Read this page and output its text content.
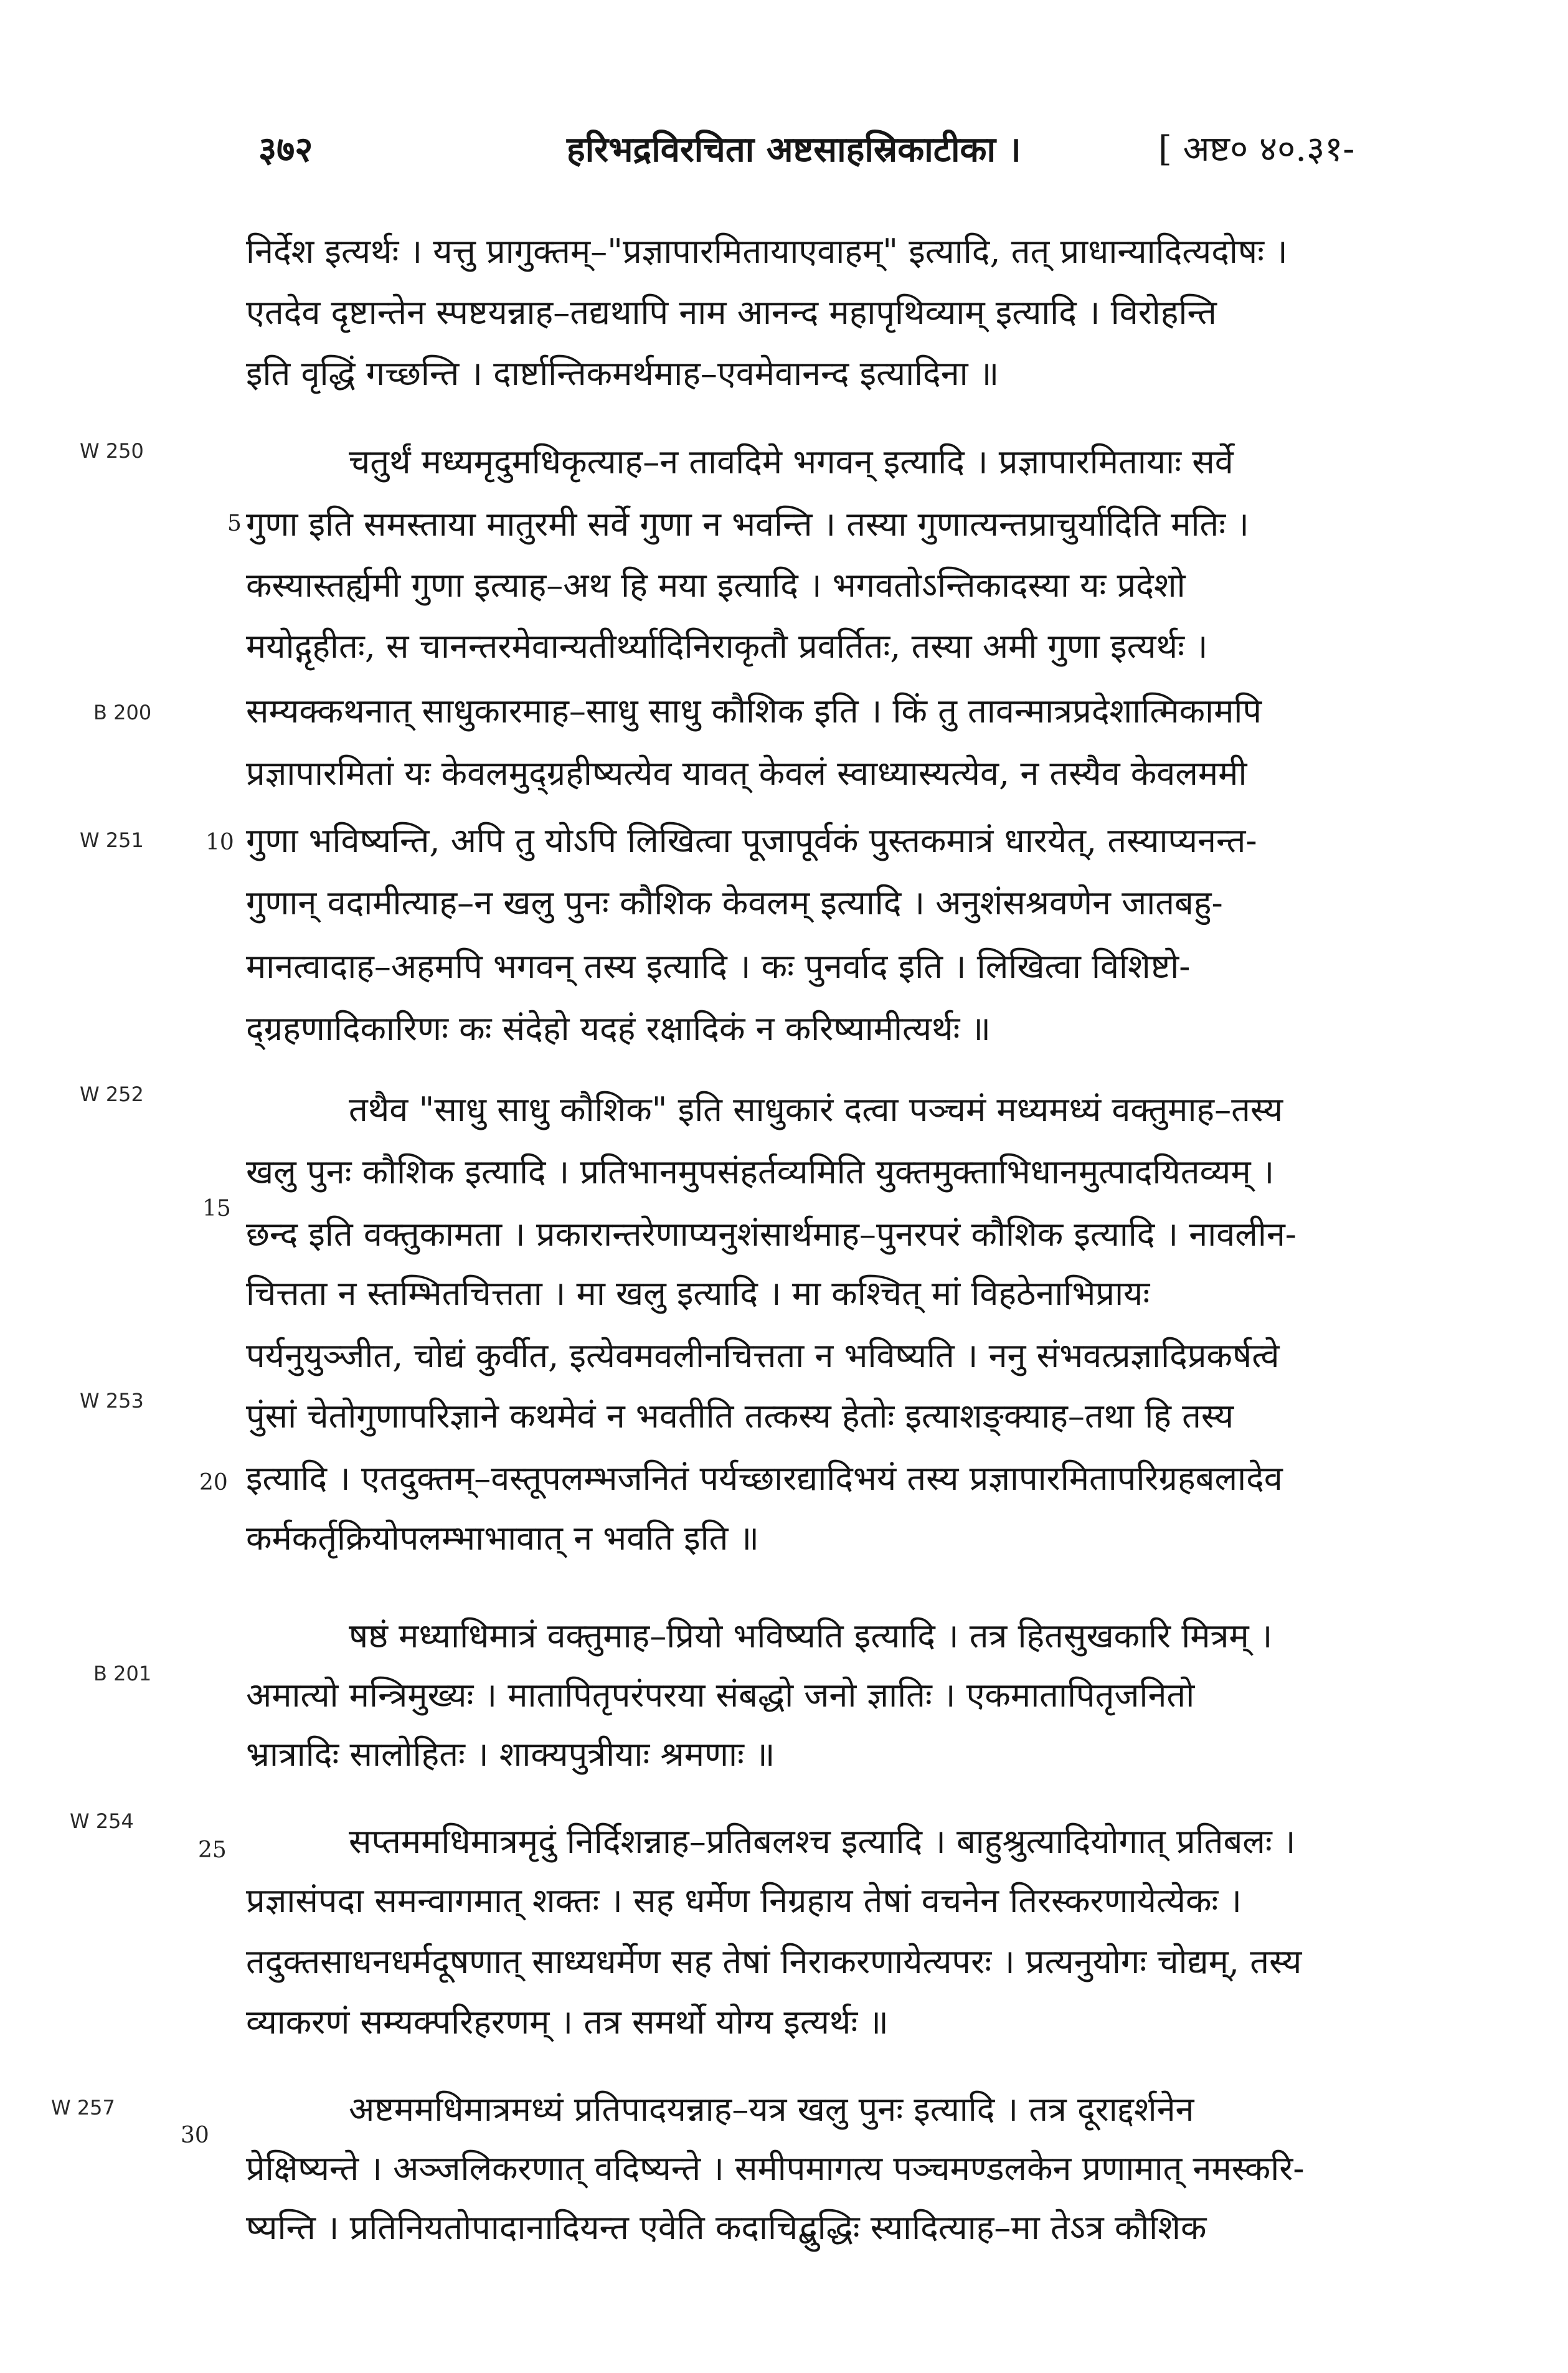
३७२	हरिभद्रविरचिता अष्टसाहस्रिकाटीका ।	[ अष्ट० ४०.३१-
W 250
B 200
W 251
W 252
W 253
B 201
W 254
W 257
5
10
15
20
25
30
निर्देश इत्यर्थः । यत्तु प्रागुक्तम्–"प्रज्ञापारमितायाएवाहम्" इत्यादि, तत् प्राधान्यादित्यदोषः ।
एतदेव दृष्टान्तेन स्पष्टयन्नाह–तद्यथापि नाम आनन्द महापृथिव्याम् इत्यादि । विरोहन्ति
इति वृद्धिं गच्छन्ति । दार्ष्टान्तिकमर्थमाह–एवमेवानन्द इत्यादिना ॥
चतुर्थं मध्यमृदुमधिकृत्याह–न तावदिमे भगवन् इत्यादि । प्रज्ञापारमितायाः सर्वे
गुणा इति समस्ताया मातुरमी सर्वे गुणा न भवन्ति । तस्या गुणात्यन्तप्राचुर्यादिति मतिः ।
कस्यास्तर्ह्यमी गुणा इत्याह–अथ हि मया इत्यादि । भगवतोऽन्तिकादस्या यः प्रदेशो
मयोद्गृहीतः, स चानन्तरमेवान्यतीर्थ्यादिनिराकृतौ प्रवर्तितः, तस्या अमी गुणा इत्यर्थः ।
सम्यक्कथनात् साधुकारमाह–साधु साधु कौशिक इति । किं तु तावन्मात्रप्रदेशात्मिकामपि
प्रज्ञापारमितां यः केवलमुद्ग्रहीष्यत्येव यावत् केवलं स्वाध्यास्यत्येव, न तस्यैव केवलममी
गुणा भविष्यन्ति, अपि तु योऽपि लिखित्वा पूजापूर्वकं पुस्तकमात्रं धारयेत्, तस्याप्यनन्त-
गुणान् वदामीत्याह–न खलु पुनः कौशिक केवलम् इत्यादि । अनुशंसश्रवणेन जातबहु-
मानत्वादाह–अहमपि भगवन् तस्य इत्यादि । कः पुनर्वाद इति । लिखित्वा विशिष्टो-
द्ग्रहणादिकारिणः कः संदेहो यदहं रक्षादिकं न करिष्यामीत्यर्थः ॥
तथैव "साधु साधु कौशिक" इति साधुकारं दत्वा पञ्चमं मध्यमध्यं वक्तुमाह–तस्य
खलु पुनः कौशिक इत्यादि । प्रतिभानमुपसंहर्तव्यमिति युक्तमुक्ताभिधानमुत्पादयितव्यम् ।
छन्द इति वक्तुकामता । प्रकारान्तरेणाप्यनुशंसार्थमाह–पुनरपरं कौशिक इत्यादि । नावलीन-
चित्तता न स्तम्भितचित्तता । मा खलु इत्यादि । मा कश्चित् मां विहठेनाभिप्रायः
पर्यनुयुञ्जीत, चोद्यं कुर्वीत, इत्येवमवलीनचित्तता न भविष्यति । ननु संभवत्प्रज्ञादिप्रकर्षत्वे
पुंसां चेतोगुणापरिज्ञाने कथमेवं न भवतीति तत्कस्य हेतोः इत्याशङ्क्याह–तथा हि तस्य
इत्यादि । एतदुक्तम्–वस्तूपलम्भजनितं पर्यच्छारद्यादिभयं तस्य प्रज्ञापारमितापरिग्रहबलादेव
कर्मकर्तृक्रियोपलम्भाभावात् न भवति इति ॥
षष्ठं मध्याधिमात्रं वक्तुमाह–प्रियो भविष्यति इत्यादि । तत्र हितसुखकारि मित्रम् ।
अमात्यो मन्त्रिमुख्यः । मातापितृपरंपरया संबद्धो जनो ज्ञातिः । एकमातापितृजनितो
भ्रात्रादिः सालोहितः । शाक्यपुत्रीयाः श्रमणाः ॥
सप्तममधिमात्रमृदुं निर्दिशन्नाह–प्रतिबलश्च इत्यादि । बाहुश्रुत्यादियोगात् प्रतिबलः ।
प्रज्ञासंपदा समन्वागमात् शक्तः । सह धर्मेण निग्रहाय तेषां वचनेन तिरस्करणायेत्येकः ।
तदुक्तसाधनधर्मदूषणात् साध्यधर्मेण सह तेषां निराकरणायेत्यपरः । प्रत्यनुयोगः चोद्यम्, तस्य
व्याकरणं सम्यक्परिहरणम् । तत्र समर्थो योग्य इत्यर्थः ॥
अष्टममधिमात्रमध्यं प्रतिपादयन्नाह–यत्र खलु पुनः इत्यादि । तत्र दूराद्दर्शनेन
प्रेक्षिष्यन्ते । अञ्जलिकरणात् वदिष्यन्ते । समीपमागत्य पञ्चमण्डलकेन प्रणामात् नमस्करि-
ष्यन्ति । प्रतिनियतोपादानादियन्त एवेति कदाचिद्बुद्धिः स्यादित्याह–मा तेऽत्र कौशिक
